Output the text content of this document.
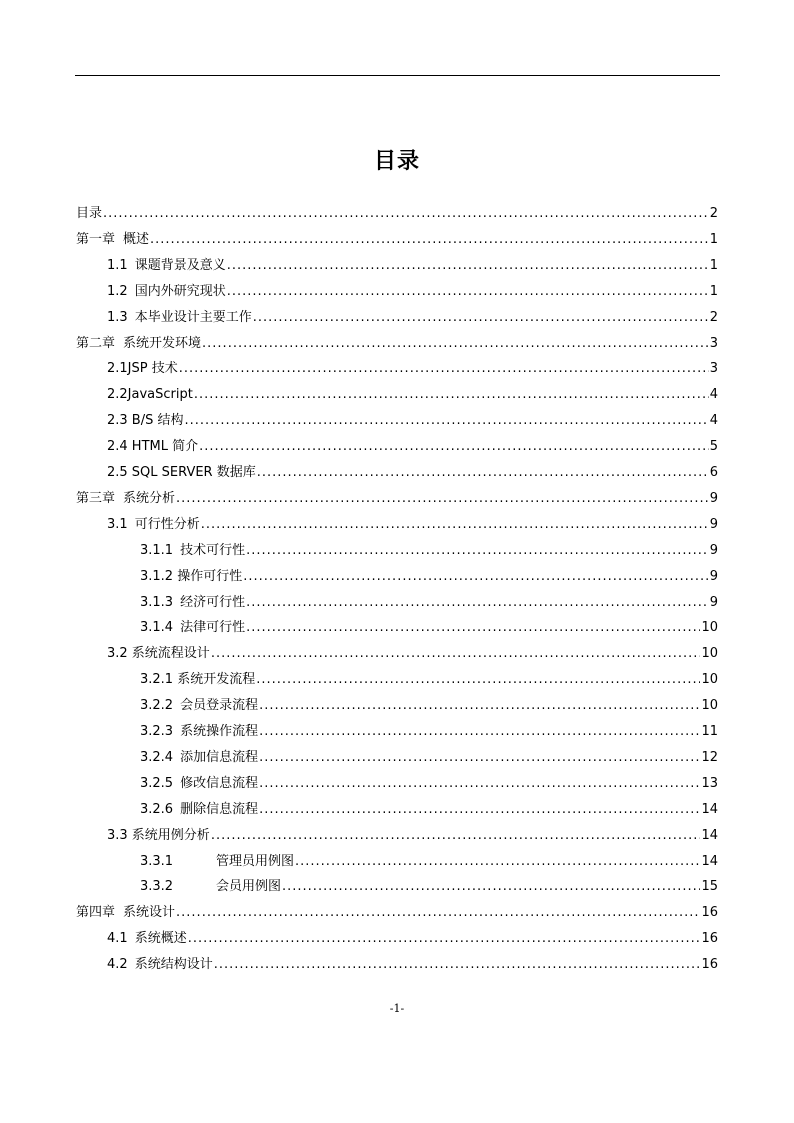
目录
目录 .....	2
第一章 概述 .....	1
1.1 课题背景及意义 .....	1
1.2 国内外研究现状 .....	1
1.3 本毕业设计主要工作 .....	2
第二章 系统开发环境 .....	3
2.1JSP 技术 .....	3
2.2JavaScript .....	4
2.3 B/S 结构 .....	4
2.4 HTML 简介 .....	5
2.5 SQL SERVER 数据库 .....	6
第三章 系统分析 .....	9
3.1 可行性分析 .....	9
3.1.1 技术可行性 .....	9
3.1.2 操作可行性 .....	9
3.1.3 经济可行性 .....	9
3.1.4 法律可行性 .....	10
3.2 系统流程设计 .....	10
3.2.1 系统开发流程 .....	10
3.2.2 会员登录流程 .....	10
3.2.3 系统操作流程 .....	11
3.2.4 添加信息流程 .....	12
3.2.5 修改信息流程 .....	13
3.2.6 删除信息流程 .....	14
3.3 系统用例分析 .....	14
3.3.1	管理员用例图 .....	14
3.3.2	会员用例图 .....	15
第四章 系统设计 .....	16
4.1 系统概述 .....	16
4.2 系统结构设计 .....	16
-1-
